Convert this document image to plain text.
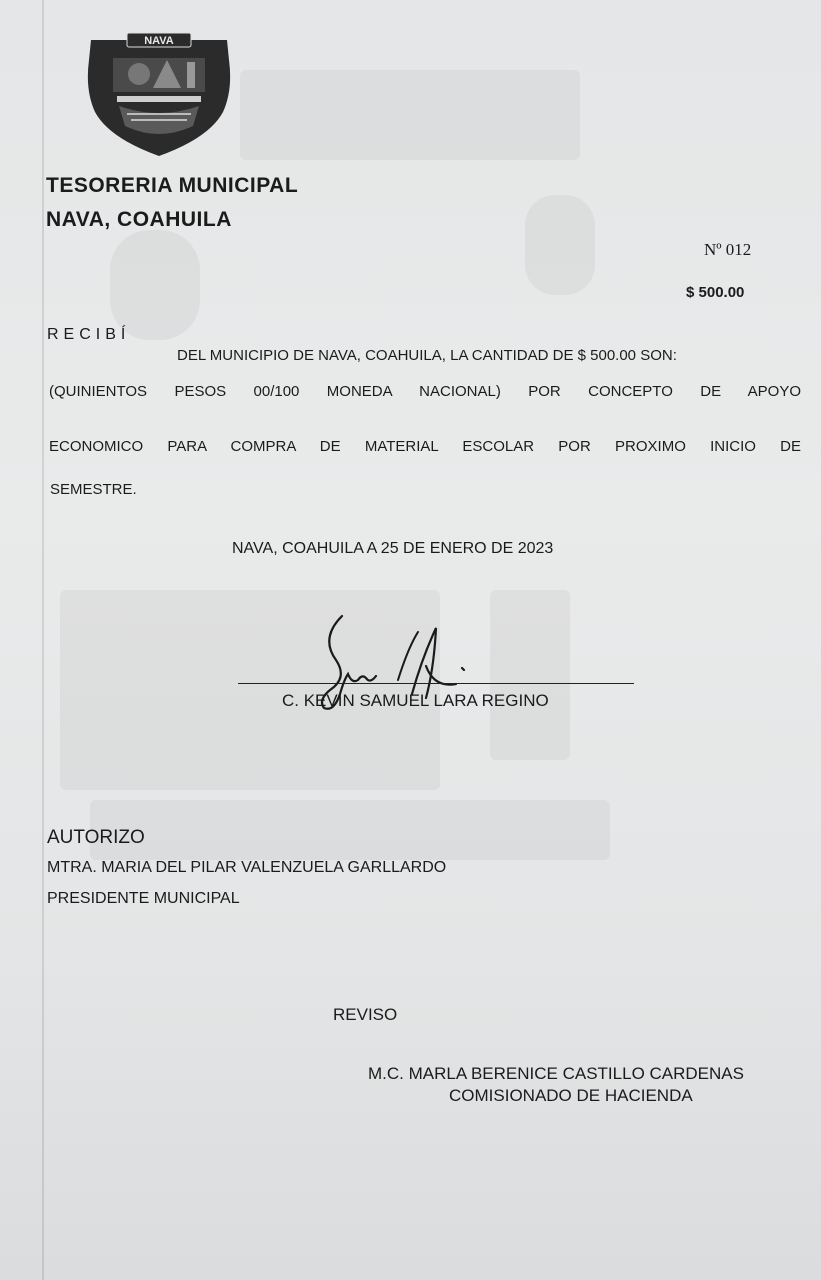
NAVA
TESORERIA MUNICIPAL
NAVA, COAHUILA
Nº 012
$ 500.00
RECIBÍ
DEL MUNICIPIO DE NAVA, COAHUILA, LA CANTIDAD DE $ 500.00 SON:
(QUINIENTOS PESOS 00/100 MONEDA NACIONAL) POR CONCEPTO DE APOYO
ECONOMICO PARA COMPRA DE MATERIAL ESCOLAR POR PROXIMO INICIO DE
SEMESTRE.
NAVA, COAHUILA A 25 DE ENERO DE 2023
C. KEVIN SAMUEL LARA REGINO
AUTORIZO
MTRA. MARIA DEL PILAR VALENZUELA GARLLARDO
PRESIDENTE MUNICIPAL
REVISO
M.C. MARLA BERENICE CASTILLO CARDENAS
COMISIONADO DE HACIENDA
